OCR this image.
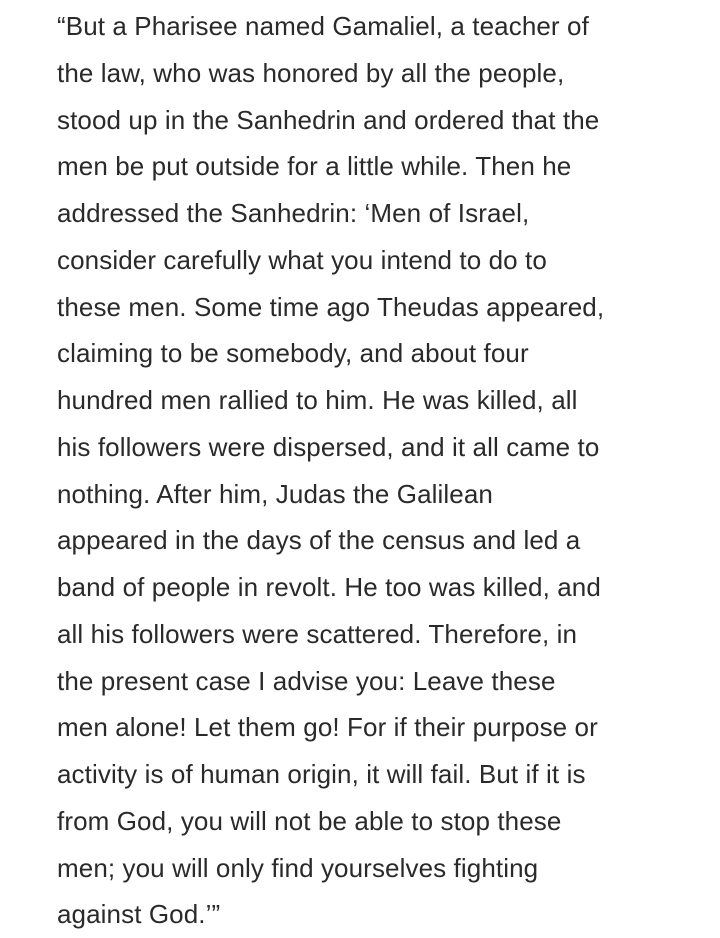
“But a Pharisee named Gamaliel, a teacher of
the law, who was honored by all the people,
stood up in the Sanhedrin and ordered that the
men be put outside for a little while. Then he
addressed the Sanhedrin: ‘Men of Israel,
consider carefully what you intend to do to
these men. Some time ago Theudas appeared,
claiming to be somebody, and about four
hundred men rallied to him. He was killed, all
his followers were dispersed, and it all came to
nothing. After him, Judas the Galilean
appeared in the days of the census and led a
band of people in revolt. He too was killed, and
all his followers were scattered. Therefore, in
the present case I advise you: Leave these
men alone! Let them go! For if their purpose or
activity is of human origin, it will fail. But if it is
from God, you will not be able to stop these
men; you will only find yourselves fighting
against God.’”
